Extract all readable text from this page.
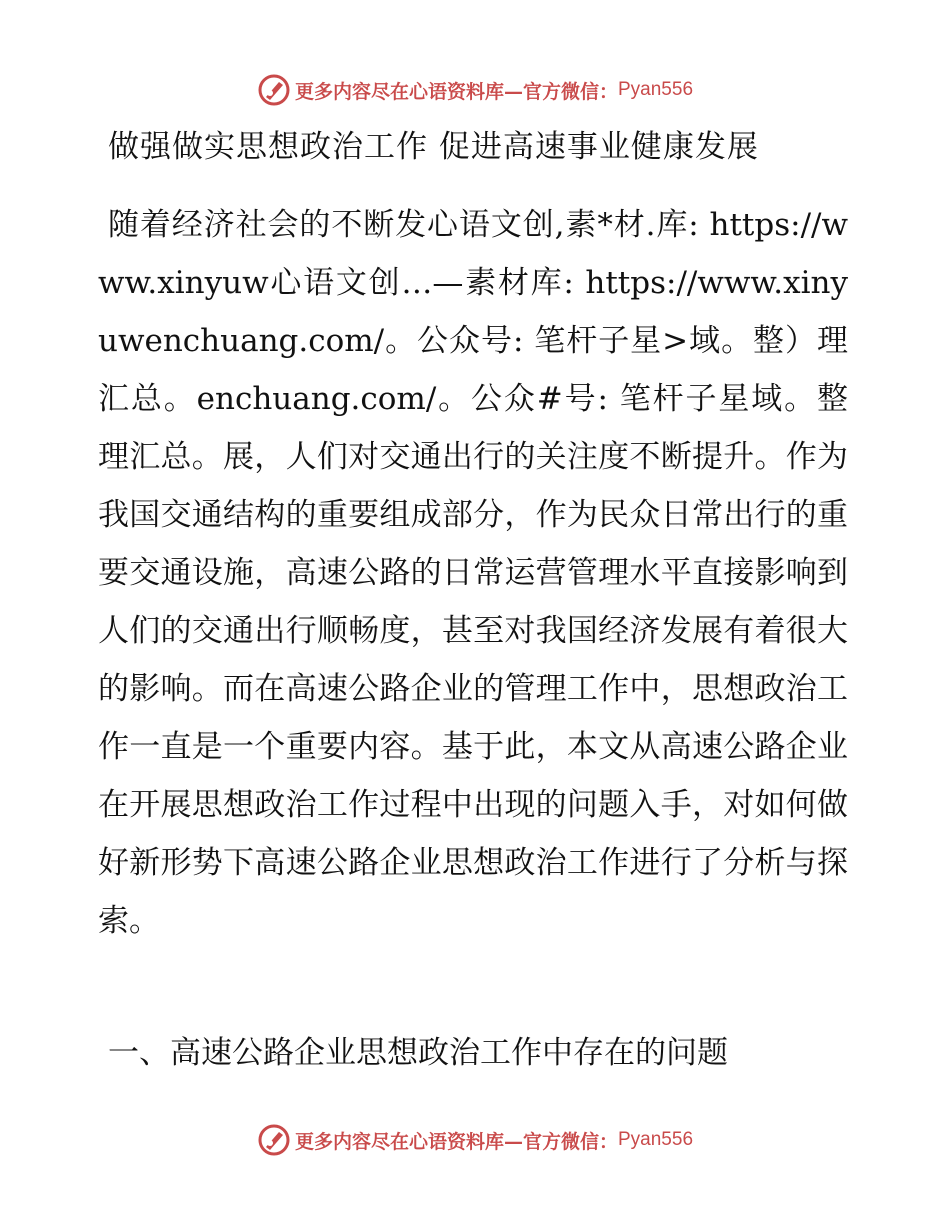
更多内容尽在心语资料库—官方微信： Pyan556
做强做实思想政治工作 促进高速事业健康发展

随着经济社会的不断发心语文创,素*材.库: https://www.xinyuw心语文创…—素材库: https://www.xinyuwenchuang.com/。公众号: 笔杆子星>域。整）理汇总。enchuang.com/。公众#号: 笔杆子星域。整理汇总。展，人们对交通出行的关注度不断提升。作为我国交通结构的重要组成部分，作为民众日常出行的重要交通设施，高速公路的日常运营管理水平直接影响到人们的交通出行顺畅度，甚至对我国经济发展有着很大的影响。而在高速公路企业的管理工作中，思想政治工作一直是一个重要内容。基于此，本文从高速公路企业在开展思想政治工作过程中出现的问题入手，对如何做好新形势下高速公路企业思想政治工作进行了分析与探索。

一、高速公路企业思想政治工作中存在的问题
更多内容尽在心语资料库—官方微信： Pyan556
